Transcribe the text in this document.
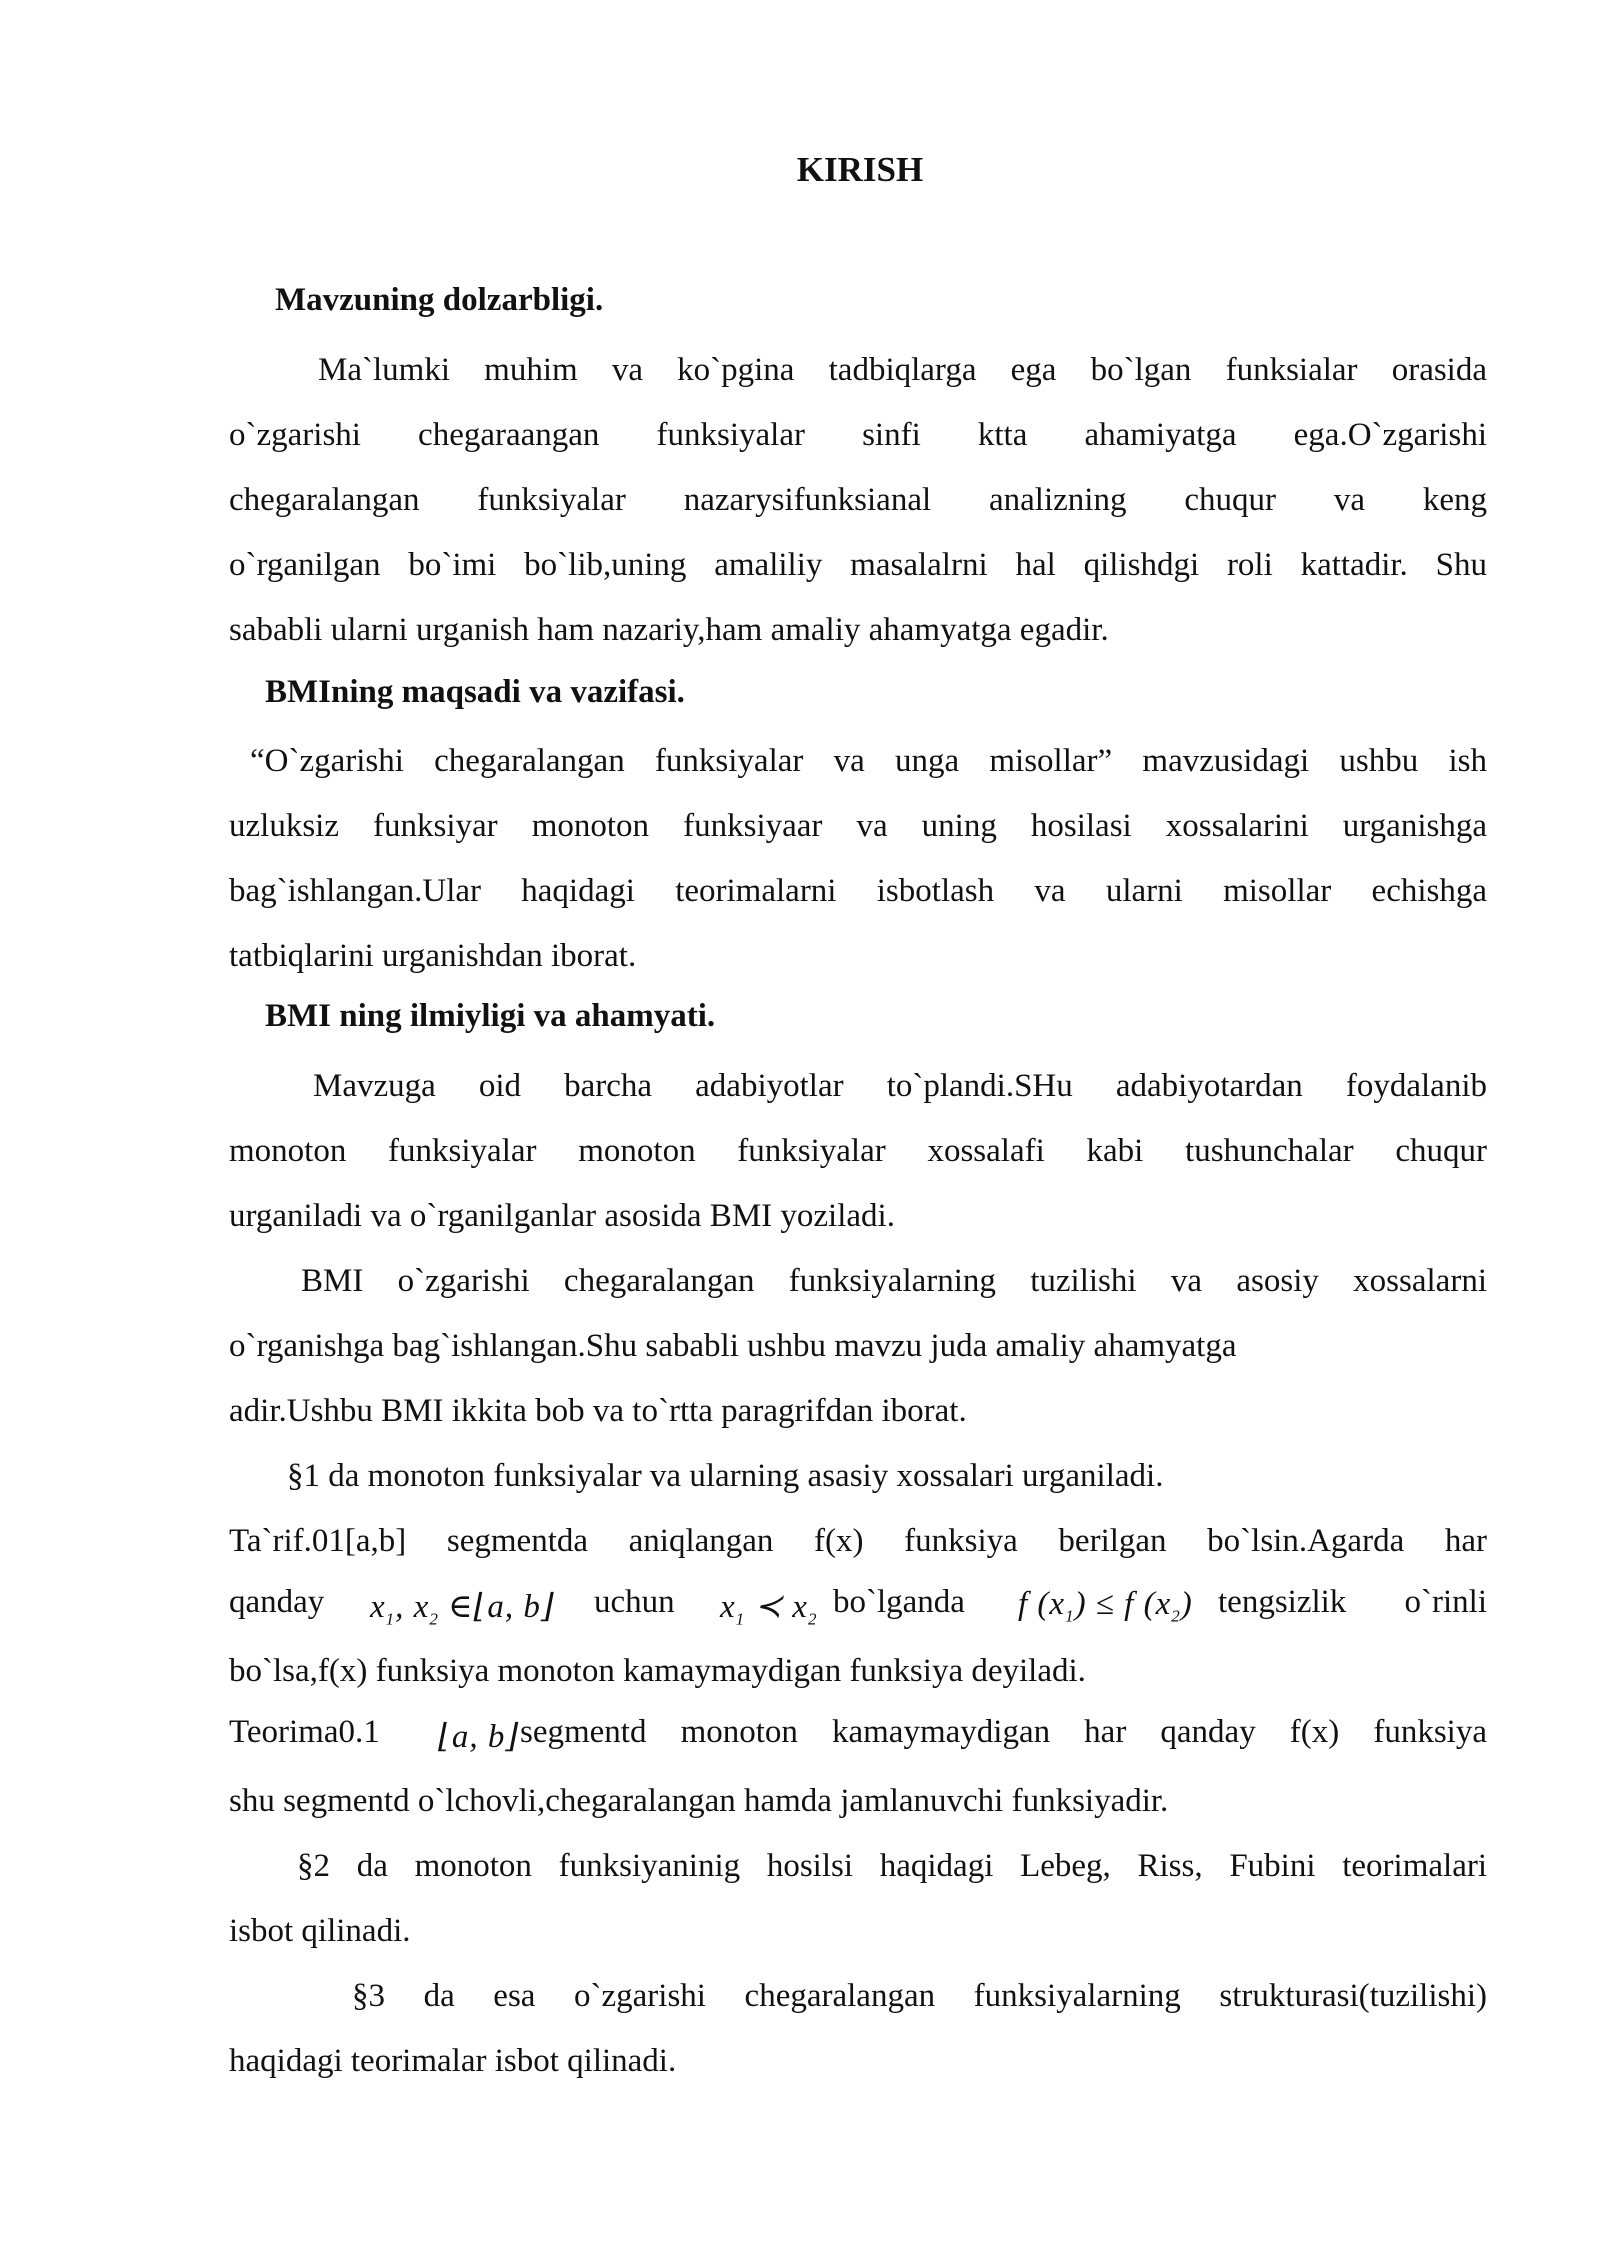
KIRISH
Mavzuning dolzarbligi.
Ma`lumki muhim va ko`pgina tadbiqlarga ega bo`lgan funksialar orasida
o`zgarishi chegaraangan funksiyalar sinfi ktta ahamiyatga ega.O`zgarishi
chegaralangan funksiyalar nazarysifunksianal analizning chuqur va keng
o`rganilgan bo`imi bo`lib,uning amaliliy masalalrni hal qilishdgi roli kattadir. Shu
sababli ularni urganish ham nazariy,ham amaliy ahamyatga egadir.
BMIning maqsadi va vazifasi.
“O`zgarishi chegaralangan funksiyalar va unga misollar” mavzusidagi ushbu ish
uzluksiz funksiyar monoton funksiyaar va uning hosilasi xossalarini urganishga
bag`ishlangan.Ular haqidagi teorimalarni isbotlash va ularni misollar echishga
tatbiqlarini urganishdan iborat.
BMI ning ilmiyligi va ahamyati.
Mavzuga oid barcha adabiyotlar to`plandi.SHu adabiyotardan foydalanib
monoton funksiyalar monoton funksiyalar xossalafi kabi tushunchalar chuqur
urganiladi va o`rganilganlar asosida BMI yoziladi.
BMI o`zgarishi chegaralangan funksiyalarning tuzilishi va asosiy xossalarni
o`rganishga bag`ishlangan.Shu sababli ushbu mavzu juda amaliy ahamyatga
adir.Ushbu BMI ikkita bob va to`rtta paragrifdan iborat.
§1 da monoton funksiyalar va ularning asasiy xossalari urganiladi.
Ta`rif.01[a,b] segmentda aniqlangan f(x) funksiya berilgan bo`lsin.Agarda har
qanday $x_1$, $x_2$ ∈⌊a, b⌋ uchun $x_1$ ≺ $x_2$ bo`lganda f $(x_1) \le f$ $(x_2)$ tengsizlik o`rinli
bo`lsa,f(x) funksiya monoton kamaymaydigan funksiya deyiladi.
Teorima0.1 ⌊a, b⌋ segmentd monoton kamaymaydigan har qanday f(x) funksiya
shu segmentd o`lchovli,chegaralangan hamda jamlanuvchi funksiyadir.
§2 da monoton funksiyaninig hosilsi haqidagi Lebeg, Riss, Fubini teorimalari
isbot qilinadi.
§3 da esa o`zgarishi chegaralangan funksiyalarning strukturasi(tuzilishi)
haqidagi teorimalar isbot qilinadi.
